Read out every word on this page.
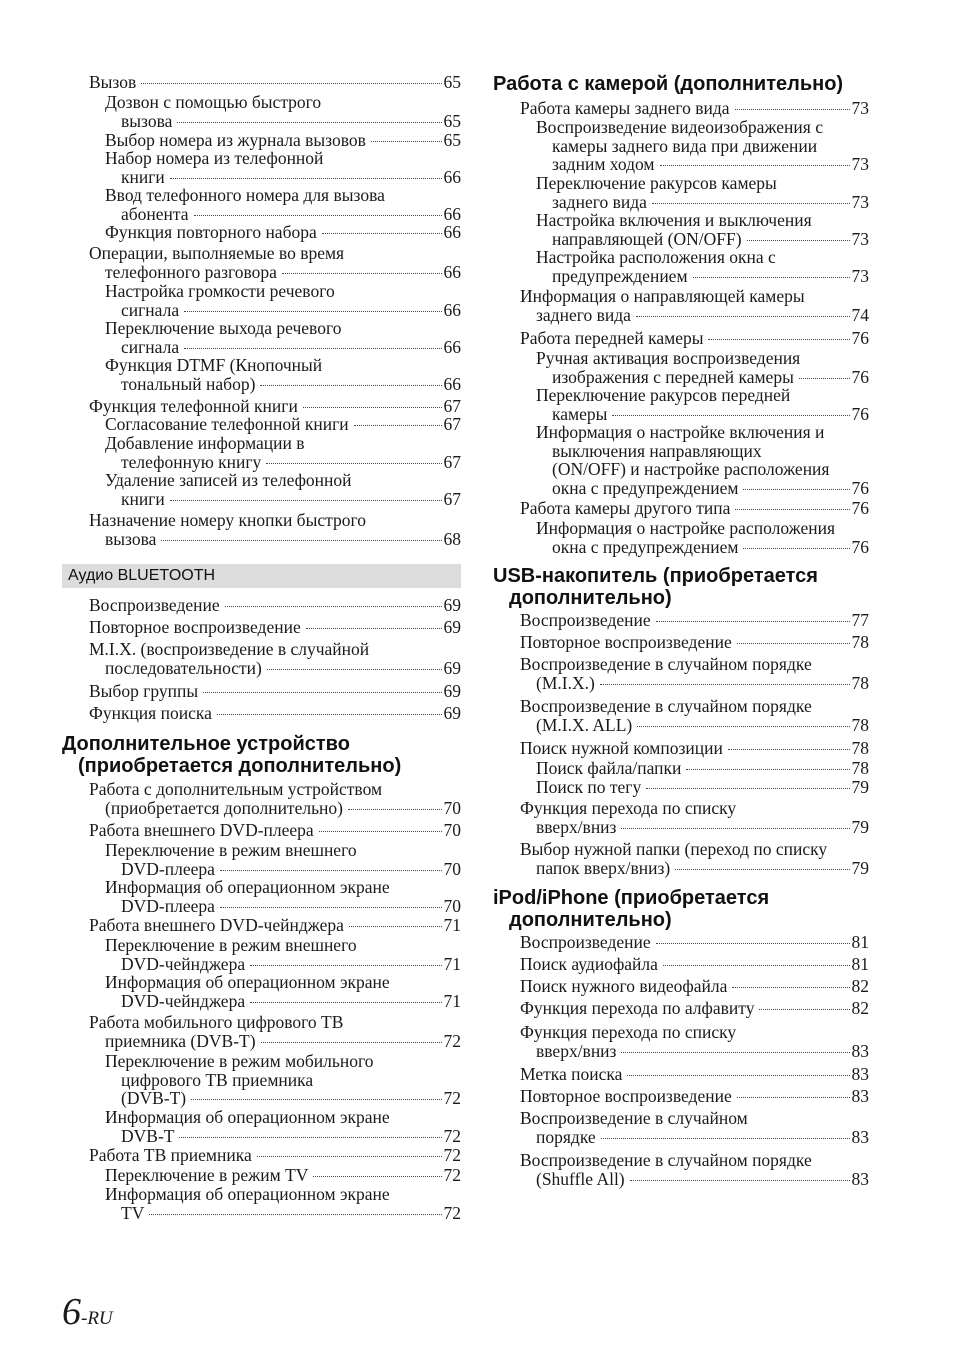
Вызов	65
Дозвон с помощью быстрого
вызова	65
Выбор номера из журнала вызовов	65
Набор номера из телефонной
книги	66
Ввод телефонного номера для вызова
абонента	66
Функция повторного набора	66
Операции, выполняемые во время
телефонного разговора	66
Настройка громкости речевого
сигнала	66
Переключение выхода речевого
сигнала	66
Функция DTMF (Кнопочный
тональный набор)	66
Функция телефонной книги	67
Согласование телефонной книги	67
Добавление информации в
телефонную книгу	67
Удаление записей из телефонной
книги	67
Назначение номеру кнопки быстрого
вызова	68
Аудио BLUETOOTH
Воспроизведение	69
Повторное воспроизведение	69
M.I.X. (воспроизведение в случайной
последовательности)	69
Выбор группы	69
Функция поиска	69
Дополнительное устройство
(приобретается дополнительно)
Работа с дополнительным устройством
(приобретается дополнительно)	70
Работа внешнего DVD-плеера	70
Переключение в режим внешнего
DVD-плеера	70
Информация об операционном экране
DVD-плеера	70
Работа внешнего DVD-чейнджера	71
Переключение в режим внешнего
DVD-чейнджера	71
Информация об операционном экране
DVD-чейнджера	71
Работа мобильного цифрового ТВ
приемника (DVB-T)	72
Переключение в режим мобильного
цифрового ТВ приемника
(DVB-T)	72
Информация об операционном экране
DVB-T	72
Работа ТВ приемника	72
Переключение в режим TV	72
Информация об операционном экране
TV	72
Работа с камерой (дополнительно)
Работа камеры заднего вида	73
Воспроизведение видеоизображения с
камеры заднего вида при движении
задним ходом	73
Переключение ракурсов камеры
заднего вида	73
Настройка включения и выключения
направляющей (ON/OFF)	73
Настройка расположения окна с
предупреждением	73
Информация о направляющей камеры
заднего вида	74
Работа передней камеры	76
Ручная активация воспроизведения
изображения с передней камеры	76
Переключение ракурсов передней
камеры	76
Информация о настройке включения и
выключения направляющих
(ON/OFF) и настройке расположения
окна с предупреждением	76
Работа камеры другого типа	76
Информация о настройке расположения
окна с предупреждением	76
USB-накопитель (приобретается
дополнительно)
Воспроизведение	77
Повторное воспроизведение	78
Воспроизведение в случайном порядке
(M.I.X.)	78
Воспроизведение в случайном порядке
(M.I.X. ALL)	78
Поиск нужной композиции	78
Поиск файла/папки	78
Поиск по тегу	79
Функция перехода по списку
вверх/вниз	79
Выбор нужной папки (переход по списку
папок вверх/вниз)	79
iPod/iPhone (приобретается
дополнительно)
Воспроизведение	81
Поиск аудиофайла	81
Поиск нужного видеофайла	82
Функция перехода по алфавиту	82
Функция перехода по списку
вверх/вниз	83
Метка поиска	83
Повторное воспроизведение	83
Воспроизведение в случайном
порядке	83
Воспроизведение в случайном порядке
(Shuffle All)	83
6-RU
